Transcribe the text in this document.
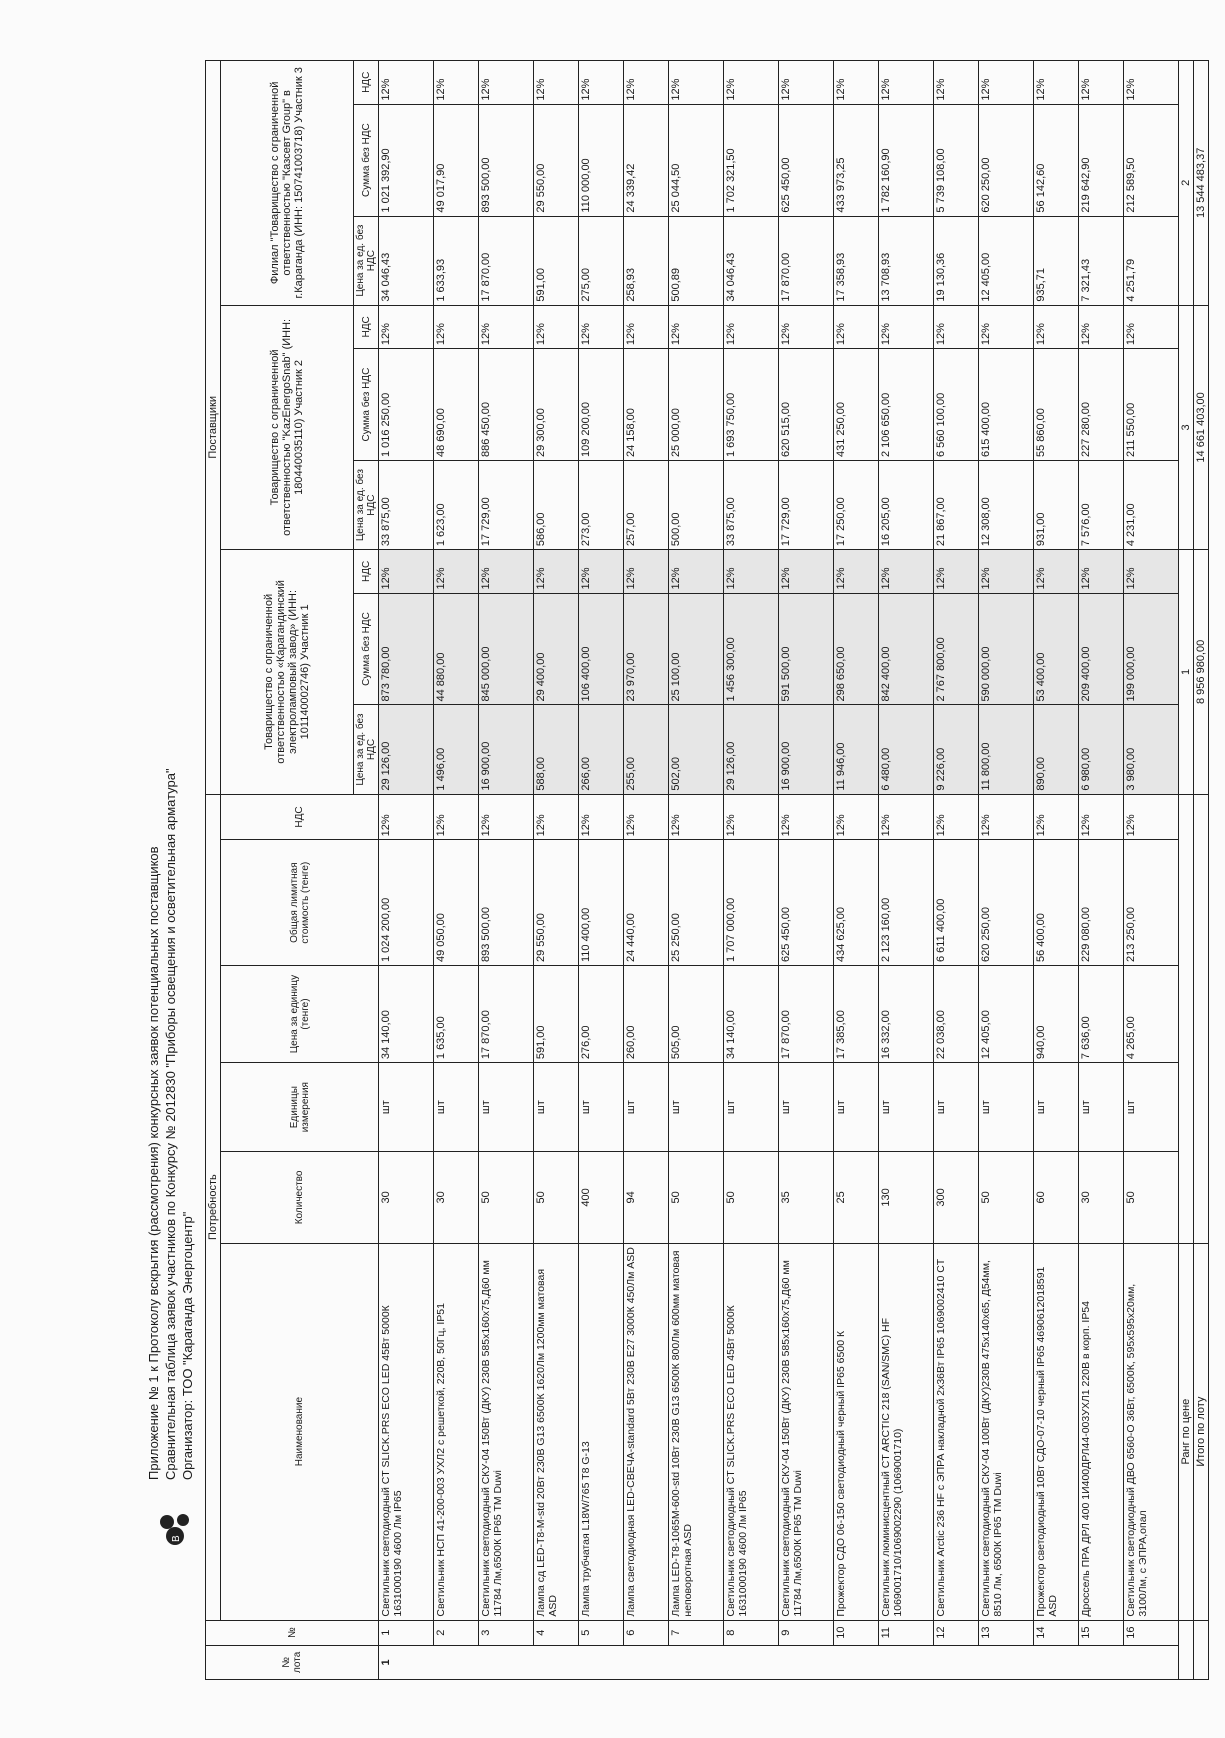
B
Приложение № 1 к Протоколу вскрытия (рассмотрения) конкурсных заявок потенциальных поставщиков Сравнительная таблица заявок участников по Конкурсу № 2012830 "Приборы освещения и осветительная арматура" Организатор: ТОО "Караганда Энергоцентр"
№ лота	№	Потребность						Поставщики								
		Наименование	Количество	Единицы измерения	Цена за единицу (тенге)	Общая лимитная стоимость (тенге)	НДС	Товарищество с ограниченной ответственностью «Карагандинский электроламповый завод» (ИНН: 101140002746) Участник 1			Товарищество с ограниченной ответственностью "KazEnergoSnab" (ИНН: 180440035110) Участник 2			Филиал "Товарищество с ограниченной ответственностью "Казсевт Group" в г.Караганда (ИНН: 150741003718) Участник 3		
								Цена за ед. без НДС	Сумма без НДС	НДС	Цена за ед. без НДС	Сумма без НДС	НДС	Цена за ед. без НДС	Сумма без НДС	НДС
1	1	Светильник светодиодный CT SLICK.PRS ECO LED 45Вт 5000К 1631000190 4600 Лм IP65	30	шт	34 140,00	1 024 200,00	12%	29 126,00	873 780,00	12%	33 875,00	1 016 250,00	12%	34 046,43	1 021 392,90	12%
	2	Светильник НСП 41-200-003 УХЛ2 с решеткой, 220В, 50Гц, IP51	30	шт	1 635,00	49 050,00	12%	1 496,00	44 880,00	12%	1 623,00	48 690,00	12%	1 633,93	49 017,90	12%
	3	Светильник светодиодный СКУ-04 150Вт (ДКУ) 230В 585х160х75,Д60 мм 11784 Лм,6500К IP65 TM Duwi	50	шт	17 870,00	893 500,00	12%	16 900,00	845 000,00	12%	17 729,00	886 450,00	12%	17 870,00	893 500,00	12%
	4	Лампа сд LED-T8-M-std 20Вт 230В G13 6500К 1620Лм 1200мм матовая ASD	50	шт	591,00	29 550,00	12%	588,00	29 400,00	12%	586,00	29 300,00	12%	591,00	29 550,00	12%
	5	Лампа трубчатая L18W/765 T8 G-13	400	шт	276,00	110 400,00	12%	266,00	106 400,00	12%	273,00	109 200,00	12%	275,00	110 000,00	12%
	6	Лампа светодиодная LED-СВЕЧА-standard 5Вт 230В E27 3000К 450Лм ASD	94	шт	260,00	24 440,00	12%	255,00	23 970,00	12%	257,00	24 158,00	12%	258,93	24 339,42	12%
	7	Лампа LED-T8-1065M-600-std 10Вт 230В G13 6500К 800Лм 600мм матовая неповоротная ASD	50	шт	505,00	25 250,00	12%	502,00	25 100,00	12%	500,00	25 000,00	12%	500,89	25 044,50	12%
	8	Светильник светодиодный CT SLICK.PRS ECO LED 45Вт 5000К 1631000190 4600 Лм IP65	50	шт	34 140,00	1 707 000,00	12%	29 126,00	1 456 300,00	12%	33 875,00	1 693 750,00	12%	34 046,43	1 702 321,50	12%
	9	Светильник светодиодный СКУ-04 150Вт (ДКУ) 230В 585х160х75,Д60 мм 11784 Лм,6500К IP65 TM Duwi	35	шт	17 870,00	625 450,00	12%	16 900,00	591 500,00	12%	17 729,00	620 515,00	12%	17 870,00	625 450,00	12%
	10	Прожектор СДО 06-150 светодиодный черный IP65 6500 К	25	шт	17 385,00	434 625,00	12%	11 946,00	298 650,00	12%	17 250,00	431 250,00	12%	17 358,93	433 973,25	12%
	11	Светильник люминисцентный CT ARCTIC 218 (SAN/SMC) HF 1069001710/1069002290 (1069001710)	130	шт	16 332,00	2 123 160,00	12%	6 480,00	842 400,00	12%	16 205,00	2 106 650,00	12%	13 708,93	1 782 160,90	12%
	12	Светильник Arctic 236 HF с ЭПРА накладной 2х36Вт IP65 1069002410 CT	300	шт	22 038,00	6 611 400,00	12%	9 226,00	2 767 800,00	12%	21 867,00	6 560 100,00	12%	19 130,36	5 739 108,00	12%
	13	Светильник светодиодный СКУ-04 100Вт (ДКУ)230В 475х140х65, Д54мм, 8510 Лм, 6500К IP65 TM Duwi	50	шт	12 405,00	620 250,00	12%	11 800,00	590 000,00	12%	12 308,00	615 400,00	12%	12 405,00	620 250,00	12%
	14	Прожектор светодиодный 10Вт СДО-07-10 черный IP65 4690612018591 ASD	60	шт	940,00	56 400,00	12%	890,00	53 400,00	12%	931,00	55 860,00	12%	935,71	56 142,60	12%
	15	Дроссель ПРА ДРЛ 400 1И400ДРЛ44-003УХЛ1 220В в корп. IP54	30	шт	7 636,00	229 080,00	12%	6 980,00	209 400,00	12%	7 576,00	227 280,00	12%	7 321,43	219 642,90	12%
	16	Светильник светодиодный ДВО 6560-О 36Вт, 6500К, 595х595х20мм, 3100Лм, с ЭПРА,опал	50	шт	4 265,00	213 250,00	12%	3 980,00	199 000,00	12%	4 231,00	211 550,00	12%	4 251,79	212 589,50	12%
		Ранг по цене						1			3			2		
		Итого по лоту						8 956 980,00			14 661 403,00			13 544 483,37		
